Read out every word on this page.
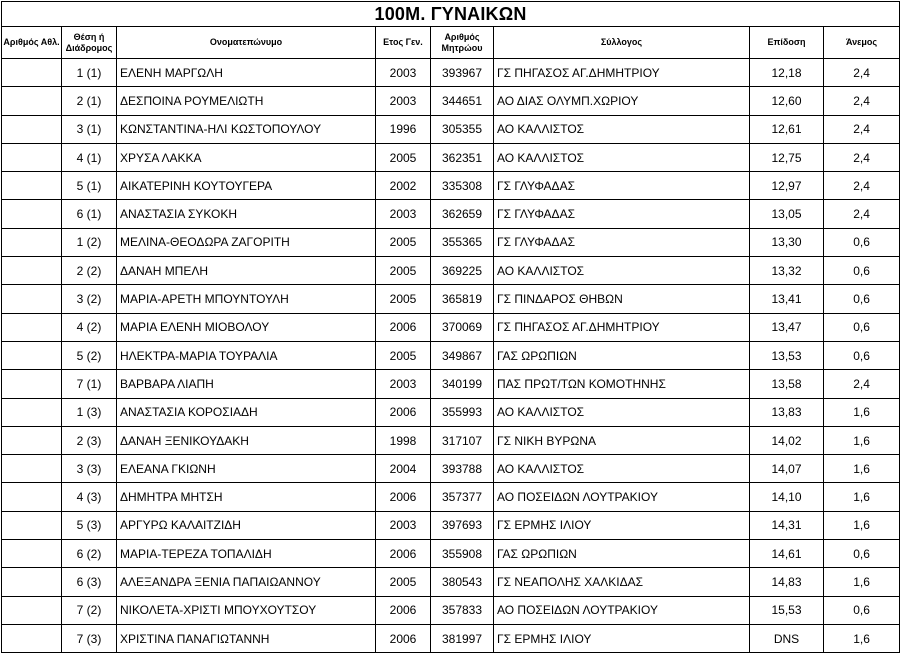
100Μ. ΓΥΝΑΙΚΩΝ							
Αριθμός Αθλ.	Θέση ή Διάδρομος	Ονοματεπώνυμο	Ετος Γεν.	Αριθμός Μητρώου	Σύλλογος	Επίδοση	Άνεμος
	1 (1)	ΕΛΕΝΗ ΜΑΡΓΩΛΗ	2003	393967	ΓΣ ΠΗΓΑΣΟΣ ΑΓ.ΔΗΜΗΤΡΙΟΥ	12,18	2,4
	2 (1)	ΔΕΣΠΟΙΝΑ ΡΟΥΜΕΛΙΩΤΗ	2003	344651	ΑΟ ΔΙΑΣ ΟΛΥΜΠ.ΧΩΡΙΟΥ	12,60	2,4
	3 (1)	ΚΩΝΣΤΑΝΤΙΝΑ-ΗΛΙ ΚΩΣΤΟΠΟΥΛΟΥ	1996	305355	ΑΟ ΚΑΛΛΙΣΤΟΣ	12,61	2,4
	4 (1)	ΧΡΥΣΑ ΛΑΚΚΑ	2005	362351	ΑΟ ΚΑΛΛΙΣΤΟΣ	12,75	2,4
	5 (1)	ΑΙΚΑΤΕΡΙΝΗ ΚΟΥΤΟΥΓΕΡΑ	2002	335308	ΓΣ ΓΛΥΦΑΔΑΣ	12,97	2,4
	6 (1)	ΑΝΑΣΤΑΣΙΑ ΣΥΚΟΚΗ	2003	362659	ΓΣ ΓΛΥΦΑΔΑΣ	13,05	2,4
	1 (2)	ΜΕΛΙΝΑ-ΘΕΟΔΩΡΑ ΖΑΓΟΡΙΤΗ	2005	355365	ΓΣ ΓΛΥΦΑΔΑΣ	13,30	0,6
	2 (2)	ΔΑΝΑΗ ΜΠΕΛΗ	2005	369225	ΑΟ ΚΑΛΛΙΣΤΟΣ	13,32	0,6
	3 (2)	ΜΑΡΙΑ-ΑΡΕΤΗ ΜΠΟΥΝΤΟΥΛΗ	2005	365819	ΓΣ ΠΙΝΔΑΡΟΣ ΘΗΒΩΝ	13,41	0,6
	4 (2)	ΜΑΡΙΑ ΕΛΕΝΗ ΜΙΟΒΟΛΟΥ	2006	370069	ΓΣ ΠΗΓΑΣΟΣ ΑΓ.ΔΗΜΗΤΡΙΟΥ	13,47	0,6
	5 (2)	ΗΛΕΚΤΡΑ-ΜΑΡΙΑ ΤΟΥΡΑΛΙΑ	2005	349867	ΓΑΣ ΩΡΩΠΙΩΝ	13,53	0,6
	7 (1)	ΒΑΡΒΑΡΑ ΛΙΑΠΗ	2003	340199	ΠΑΣ ΠΡΩΤ/ΤΩΝ ΚΟΜΟΤΗΝΗΣ	13,58	2,4
	1 (3)	ΑΝΑΣΤΑΣΙΑ ΚΟΡΟΣΙΑΔΗ	2006	355993	ΑΟ ΚΑΛΛΙΣΤΟΣ	13,83	1,6
	2 (3)	ΔΑΝΑΗ ΞΕΝΙΚΟΥΔΑΚΗ	1998	317107	ΓΣ ΝΙΚΗ ΒΥΡΩΝΑ	14,02	1,6
	3 (3)	ΕΛΕΑΝΑ ΓΚΙΩΝΗ	2004	393788	ΑΟ ΚΑΛΛΙΣΤΟΣ	14,07	1,6
	4 (3)	ΔΗΜΗΤΡΑ ΜΗΤΣΗ	2006	357377	ΑΟ ΠΟΣΕΙΔΩΝ ΛΟΥΤΡΑΚΙΟΥ	14,10	1,6
	5 (3)	ΑΡΓΥΡΩ ΚΑΛΑΙΤΖΙΔΗ	2003	397693	ΓΣ ΕΡΜΗΣ ΙΛΙΟΥ	14,31	1,6
	6 (2)	ΜΑΡΙΑ-ΤΕΡΕΖΑ ΤΟΠΑΛΙΔΗ	2006	355908	ΓΑΣ ΩΡΩΠΙΩΝ	14,61	0,6
	6 (3)	ΑΛΕΞΑΝΔΡΑ ΞΕΝΙΑ ΠΑΠΑΙΩΑΝΝΟΥ	2005	380543	ΓΣ ΝΕΑΠΟΛΗΣ ΧΑΛΚΙΔΑΣ	14,83	1,6
	7 (2)	ΝΙΚΟΛΕΤΑ-ΧΡΙΣΤΙ ΜΠΟΥΧΟΥΤΣΟΥ	2006	357833	ΑΟ ΠΟΣΕΙΔΩΝ ΛΟΥΤΡΑΚΙΟΥ	15,53	0,6
	7 (3)	ΧΡΙΣΤΙΝΑ ΠΑΝΑΓΙΩΤΑΝΝΗ	2006	381997	ΓΣ ΕΡΜΗΣ ΙΛΙΟΥ	DNS	1,6
